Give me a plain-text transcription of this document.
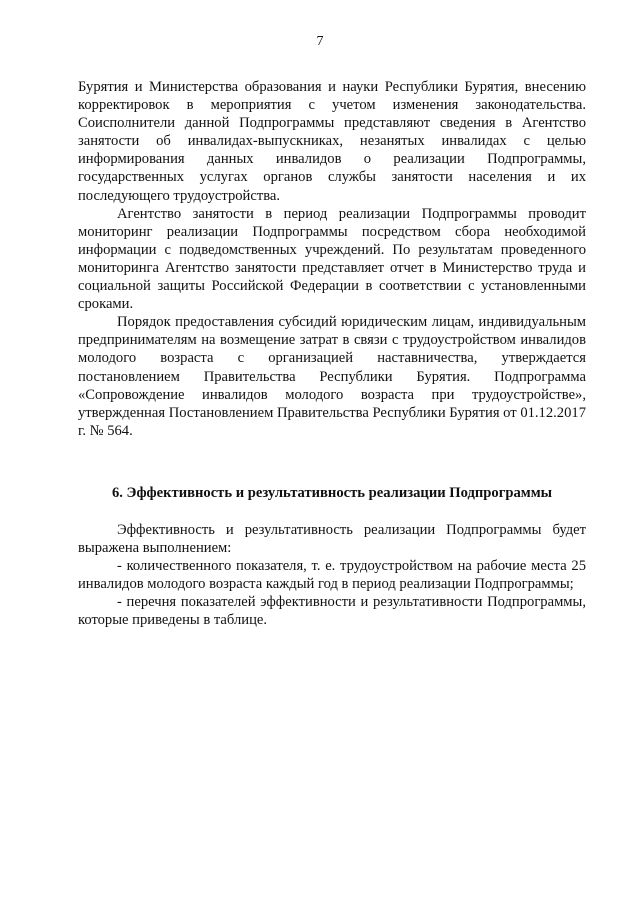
7

Бурятия и Министерства образования и науки Республики Бурятия, внесению корректировок в мероприятия с учетом изменения законодательства. Соисполнители данной Подпрограммы представляют сведения в Агентство занятости об инвалидах-выпускниках, незанятых инвалидах с целью информирования данных инвалидов о реализации Подпрограммы, государственных услугах органов службы занятости населения и их последующего трудоустройства.

Агентство занятости в период реализации Подпрограммы проводит мониторинг реализации Подпрограммы посредством сбора необходимой информации с подведомственных учреждений. По результатам проведенного мониторинга Агентство занятости представляет отчет в Министерство труда и социальной защиты Российской Федерации в соответствии с установленными сроками.

Порядок предоставления субсидий юридическим лицам, индивидуальным предпринимателям на возмещение затрат в связи с трудоустройством инвалидов молодого возраста с организацией наставничества, утверждается постановлением Правительства Республики Бурятия. Подпрограмма «Сопровождение инвалидов молодого возраста при трудоустройстве», утвержденная Постановлением Правительства Республики Бурятия от 01.12.2017 г. № 564.

6. Эффективность и результативность реализации Подпрограммы

Эффективность и результативность реализации Подпрограммы будет выражена выполнением:

- количественного показателя, т. е. трудоустройством на рабочие места 25 инвалидов молодого возраста каждый год в период реализации Подпрограммы;

- перечня показателей эффективности и результативности Подпрограммы, которые приведены в таблице.
